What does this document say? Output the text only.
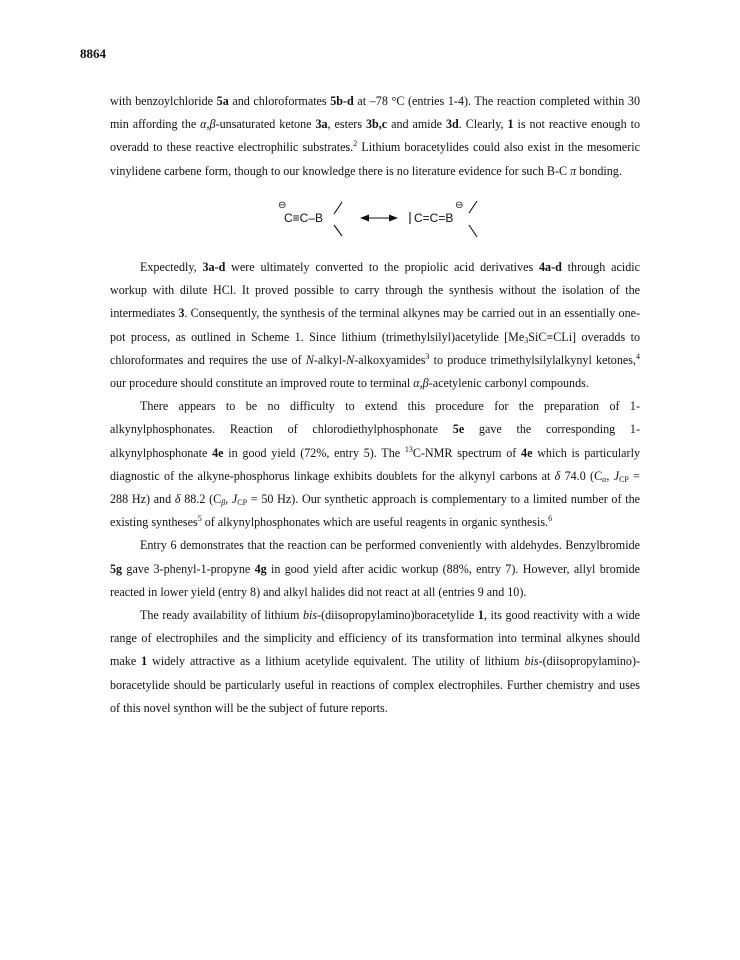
8864

with benzoylchloride 5a and chloroformates 5b-d at –78 °C (entries 1-4). The reaction completed within 30 min affording the α,β-unsaturated ketone 3a, esters 3b,c and amide 3d. Clearly, 1 is not reactive enough to overadd to these reactive electrophilic substrates.$^2$ Lithium boracetylides could also exist in the mesomeric vinylidene carbene form, though to our knowledge there is no literature evidence for such B-C π bonding.

⊖
C≡C–B
⊖
C=C=B

Expectedly, 3a-d were ultimately converted to the propiolic acid derivatives 4a-d through acidic workup with dilute HCl. It proved possible to carry through the synthesis without the isolation of the intermediates 3. Consequently, the synthesis of the terminal alkynes may be carried out in an essentially one-pot process, as outlined in Scheme 1. Since lithium (trimethylsilyl)acetylide $[Me_3SiC\equiv CLi]$ overadds to chloroformates and requires the use of N-alkyl-N-alkoxyamides$^3$ to produce trimethylsilylalkynyl ketones,$^4$ our procedure should constitute an improved route to terminal α,β-acetylenic carbonyl compounds.

There appears to be no difficulty to extend this procedure for the preparation of 1-alkynylphosphonates. Reaction of chlorodiethylphosphonate 5e gave the corresponding 1-alkynylphosphonate 4e in good yield (72%, entry 5). The $^{13}$C-NMR spectrum of 4e which is particularly diagnostic of the alkyne-phosphorus linkage exhibits doublets for the alkynyl carbons at δ 74.0 ($C_\alpha$, $J_{CP} = 288$ Hz) and δ 88.2 ($C_\beta$, $J_{CP} = 50$ Hz). Our synthetic approach is complementary to a limited number of the existing syntheses$^5$ of alkynylphosphonates which are useful reagents in organic synthesis.$^6$

Entry 6 demonstrates that the reaction can be performed conveniently with aldehydes. Benzylbromide 5g gave 3-phenyl-1-propyne 4g in good yield after acidic workup (88%, entry 7). However, allyl bromide reacted in lower yield (entry 8) and alkyl halides did not react at all (entries 9 and 10).

The ready availability of lithium bis-(diisopropylamino)boracetylide 1, its good reactivity with a wide range of electrophiles and the simplicity and efficiency of its transformation into terminal alkynes should make 1 widely attractive as a lithium acetylide equivalent. The utility of lithium bis-(diisopropylamino)-boracetylide should be particularly useful in reactions of complex electrophiles. Further chemistry and uses of this novel synthon will be the subject of future reports.
